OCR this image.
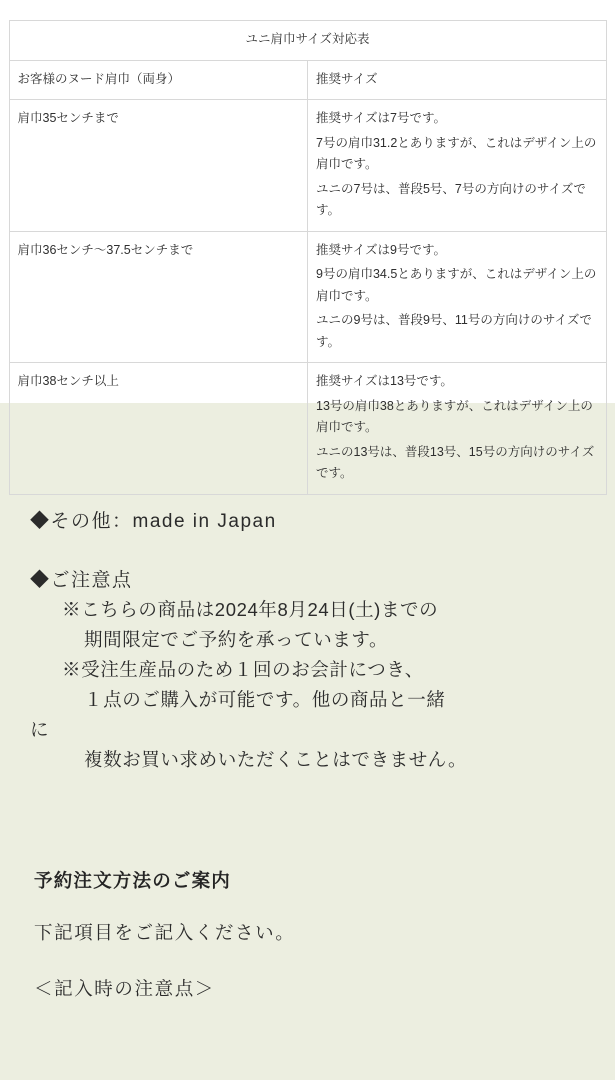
ユニ肩巾サイズ対応表	
お客様のヌード肩巾（両身）	推奨サイズ
肩巾35センチまで	推奨サイズは7号です。
7号の肩巾31.2とありますが、これはデザイン上の肩巾です。
ユニの7号は、普段5号、7号の方向けのサイズです。

肩巾36センチ〜37.5センチまで	推奨サイズは9号です。
9号の肩巾34.5とありますが、これはデザイン上の肩巾です。
ユニの9号は、普段9号、11号の方向けのサイズです。

肩巾38センチ以上	推奨サイズは13号です。
13号の肩巾38とありますが、これはデザイン上の肩巾です。
ユニの13号は、普段13号、15号の方向けのサイズです。

◆その他：made in Japan

◆ご注意点

※こちらの商品は2024年8月24日(土)までの

期間限定でご予約を承っています。

※受注生産品のため１回のお会計につき、

１点のご購入が可能です。他の商品と一緒

に

複数お買い求めいただくことはできません。

予約注文方法のご案内

下記項目をご記入ください。

＜記入時の注意点＞
